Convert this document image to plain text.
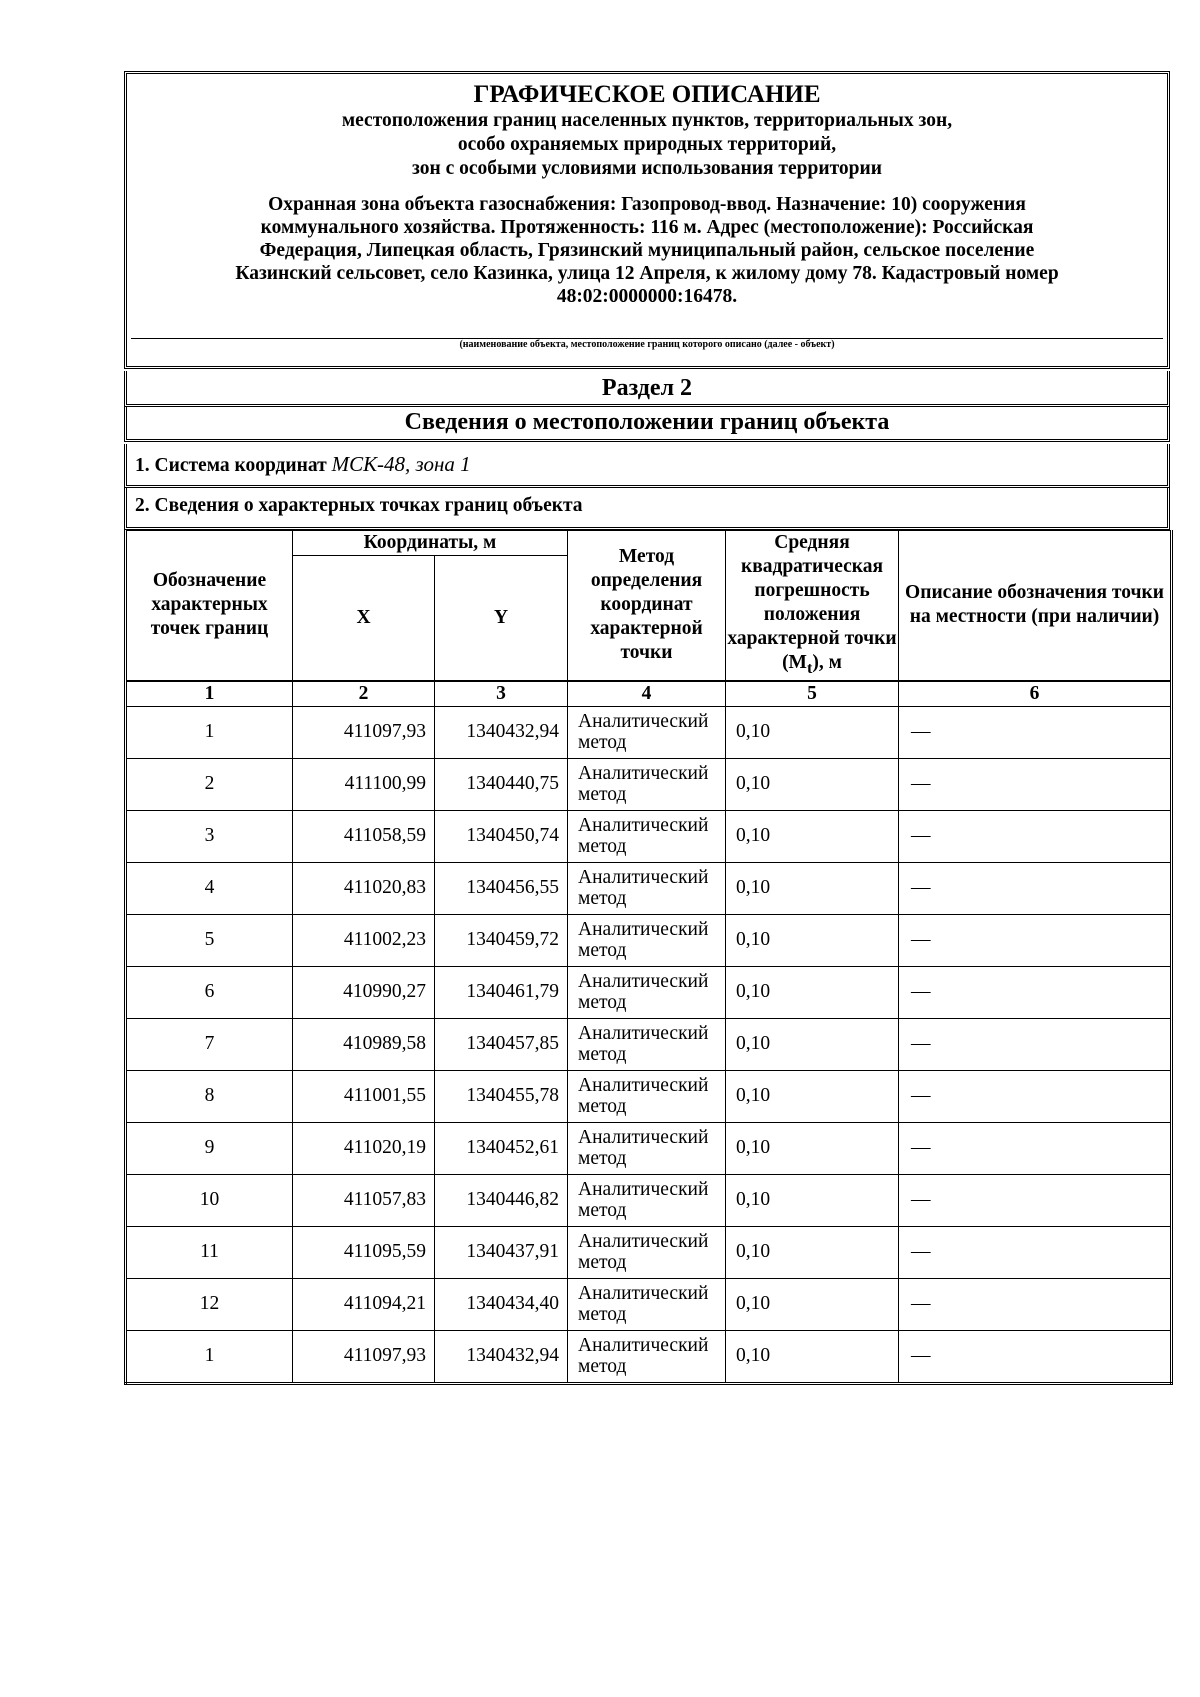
ГРАФИЧЕСКОЕ ОПИСАНИЕ
местоположения границ населенных пунктов, территориальных зон,
особо охраняемых природных территорий,
зон с особыми условиями использования территории
Охранная зона объекта газоснабжения: Газопровод-ввод. Назначение: 10) сооружения
коммунального хозяйства. Протяженность: 116 м. Адрес (местоположение): Российская
Федерация, Липецкая область, Грязинский муниципальный район, сельское поселение
Казинский сельсовет, село Казинка, улица 12 Апреля, к жилому дому 78. Кадастровый номер
48:02:0000000:16478.
(наименование объекта, местоположение границ которого описано (далее - объект)
Раздел 2
Сведения о местоположении границ объекта
1. Система координат МСК-48, зона 1
2. Сведения о характерных точках границ объекта
Обозначение характерных точек границ	Координаты, м		Метод определения координат характерной точки	Средняя квадратическая погрешность положения характерной точки $(M_t)$, м	Описание обозначения точки на местности (при наличии)
	X	Y			
1	2	3	4	5	6
1	411097,93	1340432,94	Аналитический метод	0,10	—
2	411100,99	1340440,75	Аналитический метод	0,10	—
3	411058,59	1340450,74	Аналитический метод	0,10	—
4	411020,83	1340456,55	Аналитический метод	0,10	—
5	411002,23	1340459,72	Аналитический метод	0,10	—
6	410990,27	1340461,79	Аналитический метод	0,10	—
7	410989,58	1340457,85	Аналитический метод	0,10	—
8	411001,55	1340455,78	Аналитический метод	0,10	—
9	411020,19	1340452,61	Аналитический метод	0,10	—
10	411057,83	1340446,82	Аналитический метод	0,10	—
11	411095,59	1340437,91	Аналитический метод	0,10	—
12	411094,21	1340434,40	Аналитический метод	0,10	—
1	411097,93	1340432,94	Аналитический метод	0,10	—
